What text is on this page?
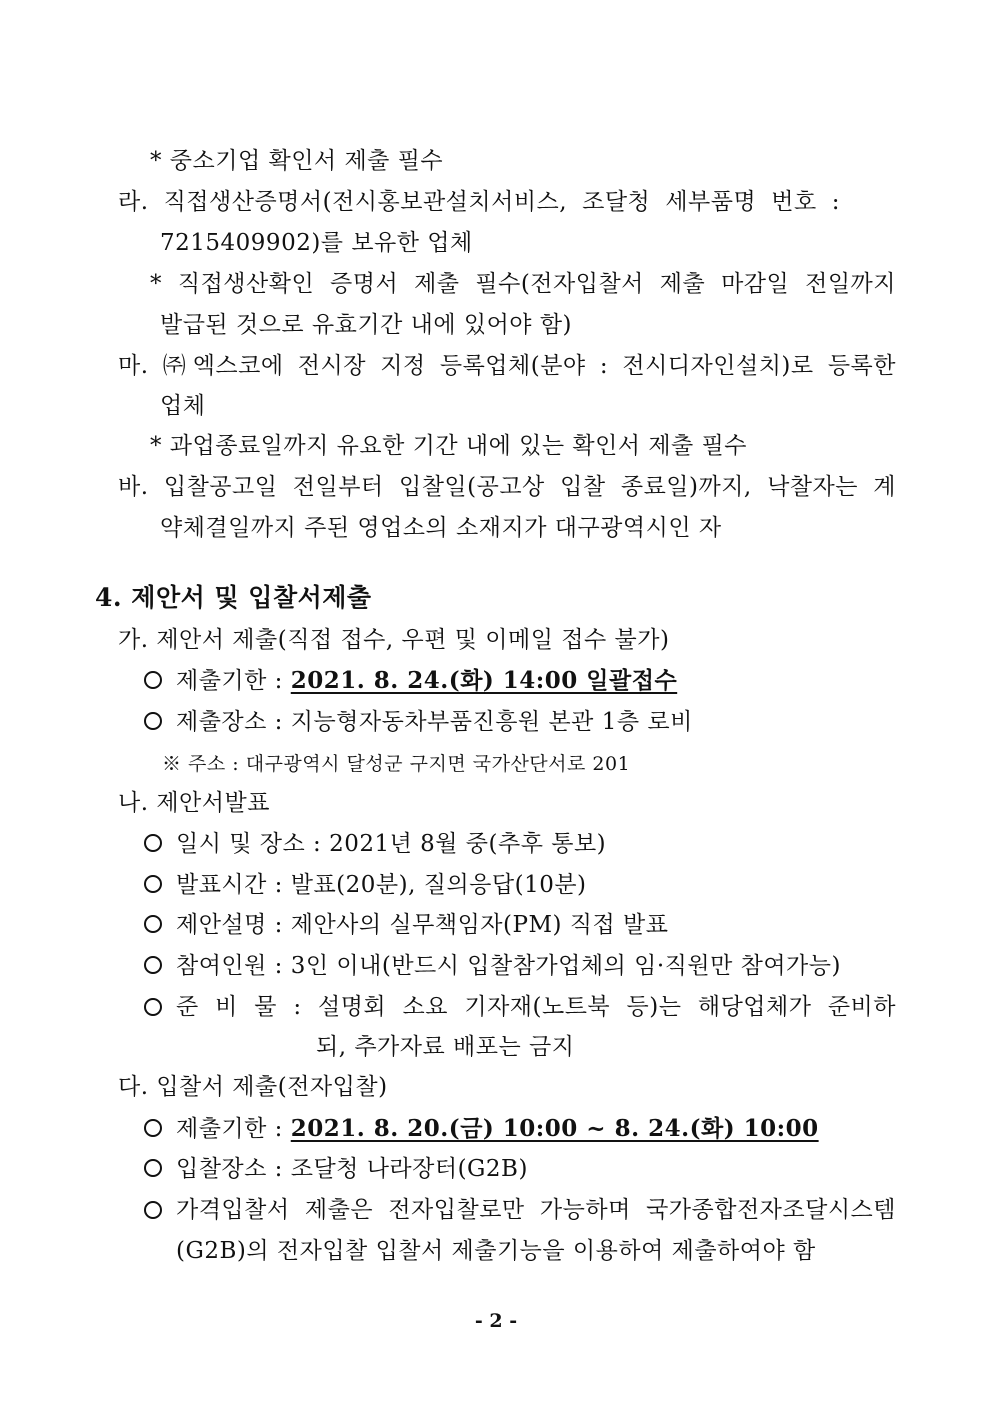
* 중소기업 확인서 제출 필수
라. 직접생산증명서(전시홍보관설치서비스, 조달청 세부품명 번호 :
7215409902)를 보유한 업체
* 직접생산확인 증명서 제출 필수(전자입찰서 제출 마감일 전일까지
발급된 것으로 유효기간 내에 있어야 함)
마. ㈜엑스코에 전시장 지정 등록업체(분야 : 전시디자인설치)로 등록한
업체
* 과업종료일까지 유요한 기간 내에 있는 확인서 제출 필수
바. 입찰공고일 전일부터 입찰일(공고상 입찰 종료일)까지, 낙찰자는 계
약체결일까지 주된 영업소의 소재지가 대구광역시인 자
4. 제안서 및 입찰서제출
가. 제안서 제출(직접 접수, 우편 및 이메일 접수 불가)
제출기한 : 2021. 8. 24.(화) 14:00 일괄접수
제출장소 : 지능형자동차부품진흥원 본관 1층 로비
※ 주소 : 대구광역시 달성군 구지면 국가산단서로 201
나. 제안서발표
일시 및 장소 : 2021년 8월 중(추후 통보)
발표시간 : 발표(20분), 질의응답(10분)
제안설명 : 제안사의 실무책임자(PM) 직접 발표
참여인원 : 3인 이내(반드시 입찰참가업체의 임·직원만 참여가능)
준 비 물 : 설명회 소요 기자재(노트북 등)는 해당업체가 준비하
되, 추가자료 배포는 금지
다. 입찰서 제출(전자입찰)
제출기한 : 2021. 8. 20.(금) 10:00 ~ 8. 24.(화) 10:00
입찰장소 : 조달청 나라장터(G2B)
가격입찰서 제출은 전자입찰로만 가능하며 국가종합전자조달시스템
(G2B)의 전자입찰 입찰서 제출기능을 이용하여 제출하여야 함
- 2 -
